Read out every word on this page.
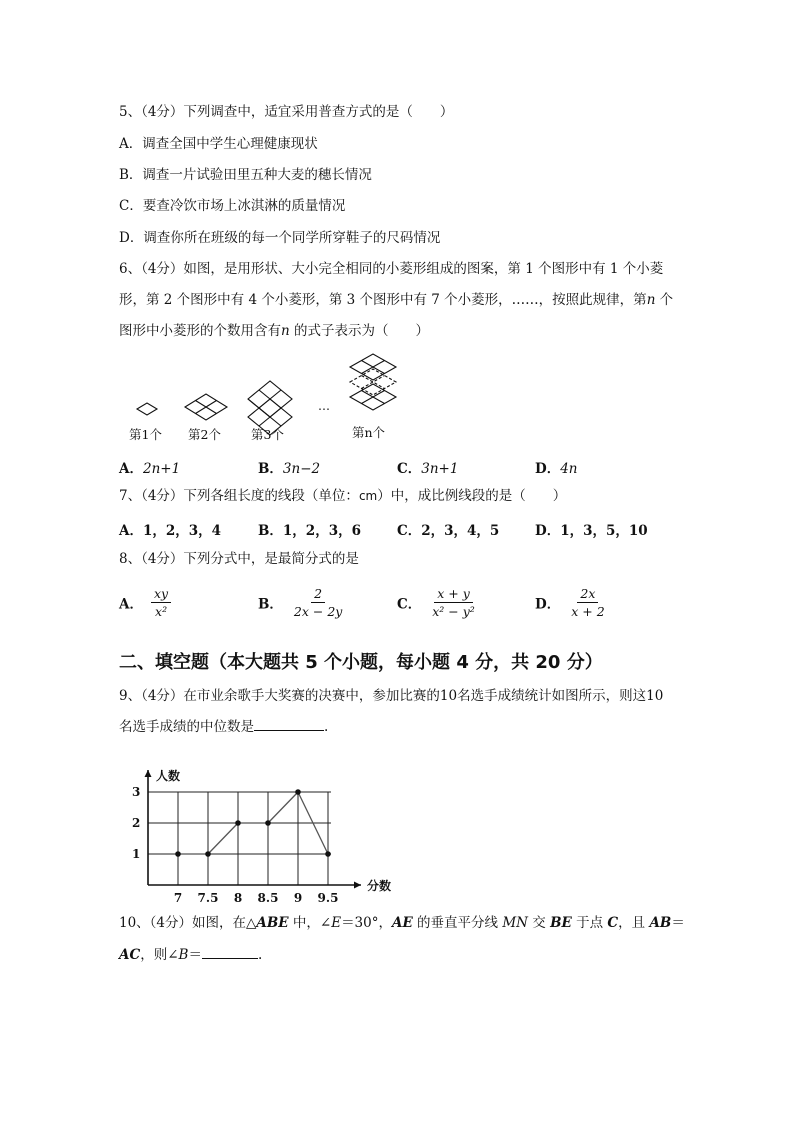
5、（4分）下列调查中，适宜采用普查方式的是（　　）
A．调查全国中学生心理健康现状
B．调查一片试验田里五种大麦的穗长情况
C．要查冷饮市场上冰淇淋的质量情况
D．调查你所在班级的每一个同学所穿鞋子的尺码情况
6、（4分）如图，是用形状、大小完全相同的小菱形组成的图案，第 1 个图形中有 1 个小菱
形，第 2 个图形中有 4 个小菱形，第 3 个图形中有 7 个小菱形，……，按照此规律，第n 个
图形中小菱形的个数用含有n 的式子表示为（　　）
…
第1个 第2个 第3个	第n个
A．2n+1	B．3n−2	C．3n+1	D．4n
7、（4分）下列各组长度的线段（单位：cm）中，成比例线段的是（　　）
A．1，2，3，4	B．1，2，3，6	C．2，3，4，5	D．1，3，5，10
8、（4分）下列分式中，是最简分式的是
A． $\frac{xy}{\text{x²}}$	B． $\frac{2}{2x - 2y}$	C． $\frac{x + y}{\text{x² − y²}}$	D． $\frac{2x}{x + 2}$
二、填空题（本大题共 5 个小题，每小题 4 分，共 20 分）
9、（4分）在市业余歌手大奖赛的决赛中，参加比赛的10名选手成绩统计如图所示，则这10
名选手成绩的中位数是	.
人数
分数
1
2
3
7 7.5 8 8.5 9 9.5
10、（4分）如图，在△ABE 中，∠E＝30°，AE 的垂直平分线 MN 交 BE 于点 C，且 AB＝
AC，则∠B＝	.
